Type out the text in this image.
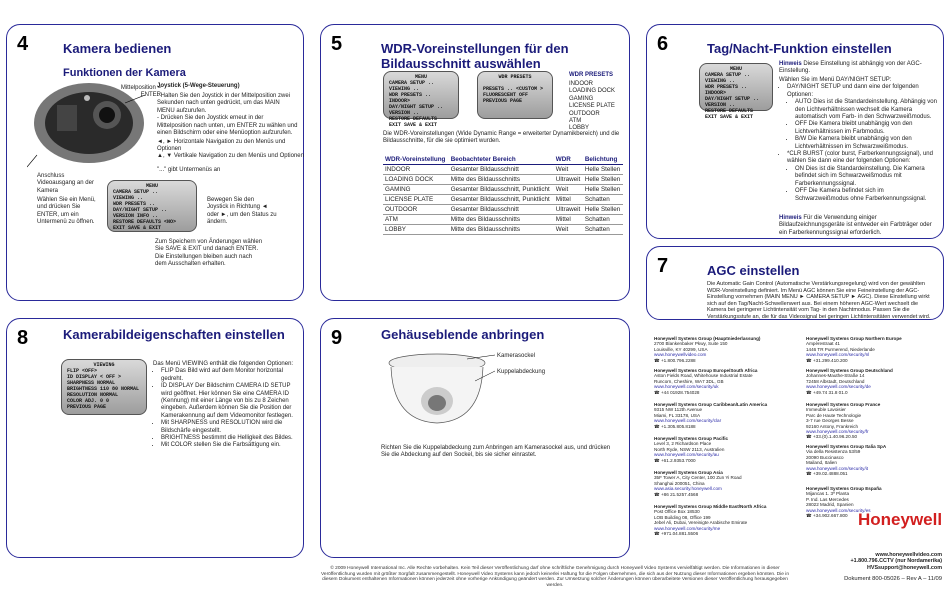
4	Kamera bedienen
Funktionen der Kamera
Mittelposition = ENTER
Joystick (5-Wege-Steuerung)
- Halten Sie den Joystick in der Mittelposition zwei Sekunden nach unten gedrückt, um das MAIN MENU aufzurufen.
- Drücken Sie den Joystick erneut in der Mittelposition nach unten, um ENTER zu wählen und einen Bildschirm oder eine Menüoption aufzurufen.
◄, ► Horizontale Navigation zu den Menüs und Optionen
▲, ▼ Vertikale Navigation zu den Menüs und Optionen
"..." gibt Untermenüs an
Anschluss Videoausgang an der Kamera
Wählen Sie ein Menü, und drücken Sie ENTER, um ein Untermenü zu öffnen.
MENU
CAMERA SETUP ..
VIEWING ..
WDR PRESETS ..
DAY/NIGHT SETUP ..
VERSION INFO ..
RESTORE DEFAULTS <NO>
EXIT SAVE & EXIT
Bewegen Sie den Joystick in Richtung ◄ oder ►, um den Status zu ändern.
Zum Speichern von Änderungen wählen Sie SAVE & EXIT und danach ENTER. Die Einstellungen bleiben auch nach dem Ausschalten erhalten.
5	WDR-Voreinstellungen für den Bildausschnitt auswählen
MENU
CAMERA SETUP ..
VIEWING ..
WDR PRESETS .. INDOOR>
DAY/NIGHT SETUP ..
VERSION ..
RESTORE DEFAULTS
EXIT SAVE & EXIT
WDR PRESETS
PRESETS .. <CUSTOM >
FLUORESCENT OFF
PREVIOUS PAGE
WDR PRESETS
INDOOR
LOADING DOCK
GAMING
LICENSE PLATE
OUTDOOR
ATM
LOBBY
Die WDR-Voreinstellungen (Wide Dynamic Range = erweiterter Dynamikbereich) und die Bildausschnitte, für die sie optimiert wurden.
WDR-Voreinstellung	Beobachteter Bereich	WDR	Belichtung
INDOOR	Gesamter Bildausschnitt	Weit	Helle Stellen
LOADING DOCK	Mitte des Bildausschnitts	Ultraweit	Helle Stellen
GAMING	Gesamter Bildausschnitt, Punktlicht	Weit	Helle Stellen
LICENSE PLATE	Gesamter Bildausschnitt, Punktlicht	Mittel	Schatten
OUTDOOR	Gesamter Bildausschnitt	Ultraweit	Helle Stellen
ATM	Mitte des Bildausschnitts	Mittel	Schatten
LOBBY	Mitte des Bildausschnitts	Weit	Schatten
6	Tag/Nacht-Funktion einstellen
MENU
CAMERA SETUP ..
VIEWING ..
WDR PRESETS .. INDOOR>
DAY/NIGHT SETUP ..
VERSION ..
RESTORE DEFAULTS
EXIT SAVE & EXIT
Hinweis Diese Einstellung ist abhängig von der AGC-Einstellung.
Wählen Sie im Menü DAY/NIGHT SETUP:
• DAY/NIGHT SETUP und dann eine der folgenden Optionen:
• AUTO Dies ist die Standardeinstellung. Abhängig von den Lichtverhältnissen wechselt die Kamera automatisch vom Farb- in den Schwarzweißmodus.
• OFF Die Kamera bleibt unabhängig von den Lichtverhältnissen im Farbmodus.
• B/W Die Kamera bleibt unabhängig von den Lichtverhältnissen im Schwarzweißmodus.
• *CLR BURST (color burst, Farberkennungssignal), und wählen Sie dann eine der folgenden Optionen:
• ON Dies ist die Standardeinstellung. Die Kamera befindet sich im Schwarzweißmodus mit Farberkennungssignal.
• OFF Die Kamera befindet sich im Schwarzweißmodus ohne Farberkennungssignal.
Hinweis Für die Verwendung einiger Bildaufzeichnungsgeräte ist entweder ein Farbträger oder ein Farberkennungssignal erforderlich.
7	AGC einstellen
Die Automatic Gain Control (Automatische Verstärkungsregelung) wird von der gewählten WDR-Voreinstellung definiert. Im Menü AGC können Sie eine Feineinstellung der AGC-Einstellung vornehmen (MAIN MENU ► CAMERA SETUP ► AGC). Diese Einstellung wirkt sich auf den Tag/Nacht-Schwellenwert aus. Bei einem höheren AGC-Wert wechselt die Kamera bei geringerer Lichtintensität vom Tag- in den Nachtmodus. Passen Sie die Verstärkungsstufe an, die für das Videosignal bei geringen Lichtintensitäten verwendet wird.
8	Kamerabildeigenschaften einstellen
VIEWING
FLIP <OFF>
ID DISPLAY < OFF >
SHARPNESS NORMAL
BRIGHTNESS 110 80 NORMAL
RESOLUTION NORMAL
COLOR ADJ. 0 0
PREVIOUS PAGE
Das Menü VIEWING enthält die folgenden Optionen:
• FLIP Das Bild wird auf dem Monitor horizontal gedreht.
• ID DISPLAY Der Bildschirm CAMERA ID SETUP wird geöffnet. Hier können Sie eine CAMERA ID (Kennung) mit einer Länge von bis zu 8 Zeichen eingeben. Außerdem können Sie die Position der Kamerakennung auf dem Videomonitor festlegen.
• Mit SHARPNESS und RESOLUTION wird die Bildschärfe eingestellt.
• BRIGHTNESS bestimmt die Helligkeit des Bildes.
• Mit COLOR stellen Sie die Farbsättigung ein.
9	Gehäuseblende anbringen
Kamerasockel
Kuppelabdeckung
Richten Sie die Kuppelabdeckung zum Anbringen am Kamerasockel aus, und drücken Sie die Abdeckung auf den Sockel, bis sie sicher einrastet.
Honeywell Systems Group (Hauptniederlassung)
2700 Blankenbaker Pkwy, Suite 150
Louisville, KY 40299, USA
www.honeywellvideo.com
☎ +1.800.796.2288
Honeywell Systems Group Northern Europe
Ampèrestraat 41
1446 TR Purmerend, Niederlande
www.honeywell.com/security/nl
☎ +31.299.410.200
Honeywell Systems Group Europe/South Africa
Aston Fields Road, Whitehouse Industrial Estate
Runcorn, Cheshire, WA7 3DL, GB
www.honeywell.com/security/uk
☎ +44 01928.754028
Honeywell Systems Group Deutschland
Johannes-Mauthe-Straße 14
72458 Albstadt, Deutschland
www.honeywell.com/security/de
☎ +49.74 31.8 01.0
Honeywell Systems Group Caribbean/Latin America
9315 NW 112th Avenue
Miami, FL 33178, USA
www.honeywell.com/security/clar
☎ +1.305.805.8188
Honeywell Systems Group France
Immeuble Lavoisier
Parc de Haute Technologie
3-7 rue Georges Besse
92160 Antony, Frankreich
www.honeywell.com/security/fr
☎ +33.(0).1.40.96.20.50
Honeywell Systems Group Pacific
Level 3, 2 Richardson Place
North Ryde, NSW 2113, Australien
www.honeywell.com/security/au
☎ +61.2.9353.7000
Honeywell Systems Group Italia SpA
Via della Resistenza 53/59
20090 Buccinasco
Mailand, Italien
www.honeywell.com/security/it
☎ +39.02.4888.051
Honeywell Systems Group Asia
35F Tower A, City Center, 100 Zun Yi Road
Shanghai 200051, China
www.asia.security.honeywell.com
☎ +86 21.5257.4568
Honeywell Systems Group España
Mijancas 1. 3ª Planta
P. Ind. Las Mercedes
28022 Madrid, Spanien
www.honeywell.com/security/es
☎ +34.902.667.800
Honeywell Systems Group Middle East/North Africa
Post Office Box 18530
LOB Building 08, Office 199
Jebel Ali, Dubai, Vereinigte Arabische Emirate
www.honeywell.com/security/me
☎ +971.04.881.5506
Honeywell
www.honeywellvideo.com
+1.800.796.CCTV (nur Nordamerika)
HVSsupport@honeywell.com
Dokument 800-05026 – Rev A – 11/09
© 2009 Honeywell International Inc. Alle Rechte vorbehalten. Kein Teil dieser Veröffentlichung darf ohne schriftliche Genehmigung durch Honeywell Video Systems vervielfältigt werden. Die Informationen in dieser Veröffentlichung wurden mit größter Sorgfalt zusammengestellt. Honeywell Video Systems kann jedoch keinerlei Haftung für die Folgen übernehmen, die sich aus der Nutzung dieser Informationen ergeben könnten. Die in diesem Dokument enthaltenen Informationen können jederzeit ohne vorherige Ankündigung geändert werden. Zur Umsetzung solcher Änderungen können überarbeitete Versionen dieser Veröffentlichung herausgegeben werden.
